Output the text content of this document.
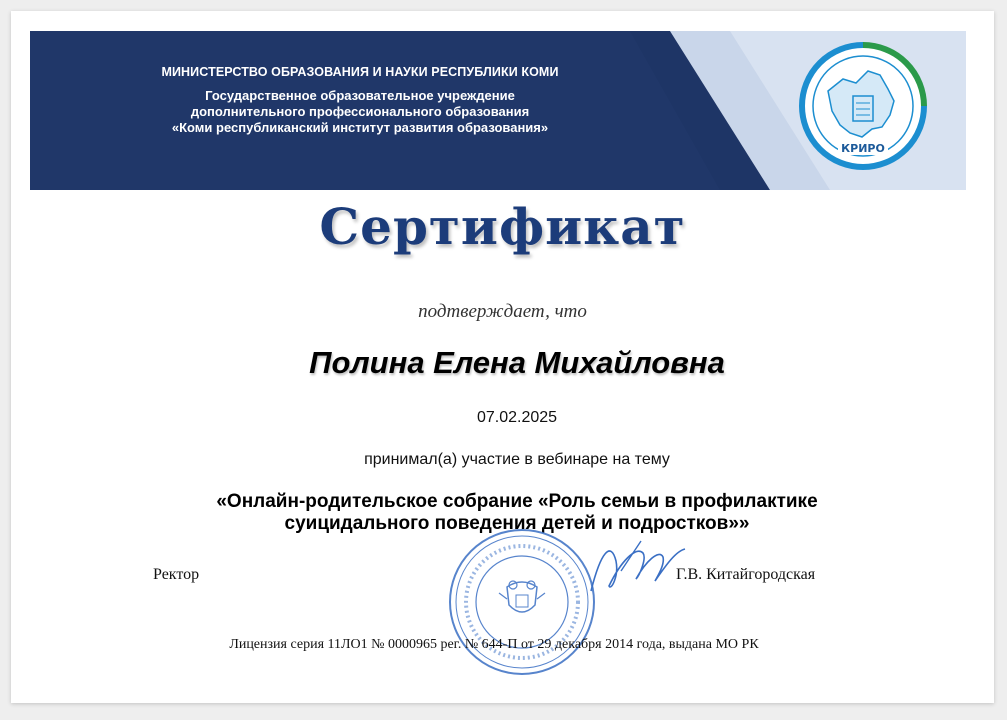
МИНИСТЕРСТВО ОБРАЗОВАНИЯ И НАУКИ РЕСПУБЛИКИ КОМИ
Государственное образовательное учреждение
дополнительного профессионального образования
«Коми республиканский институт развития образования»
КРИРО
Сертификат
подтверждает, что
Полина Елена Михайловна
07.02.2025
принимал(а) участие в вебинаре на тему
«Онлайн-родительское собрание «Роль семьи в профилактике
суицидального поведения детей и подростков»»
Ректор	Г.В. Китайгородская
Лицензия серия 11ЛО1 № 0000965 рег. № 644-П от 29 декабря 2014 года, выдана МО РК
